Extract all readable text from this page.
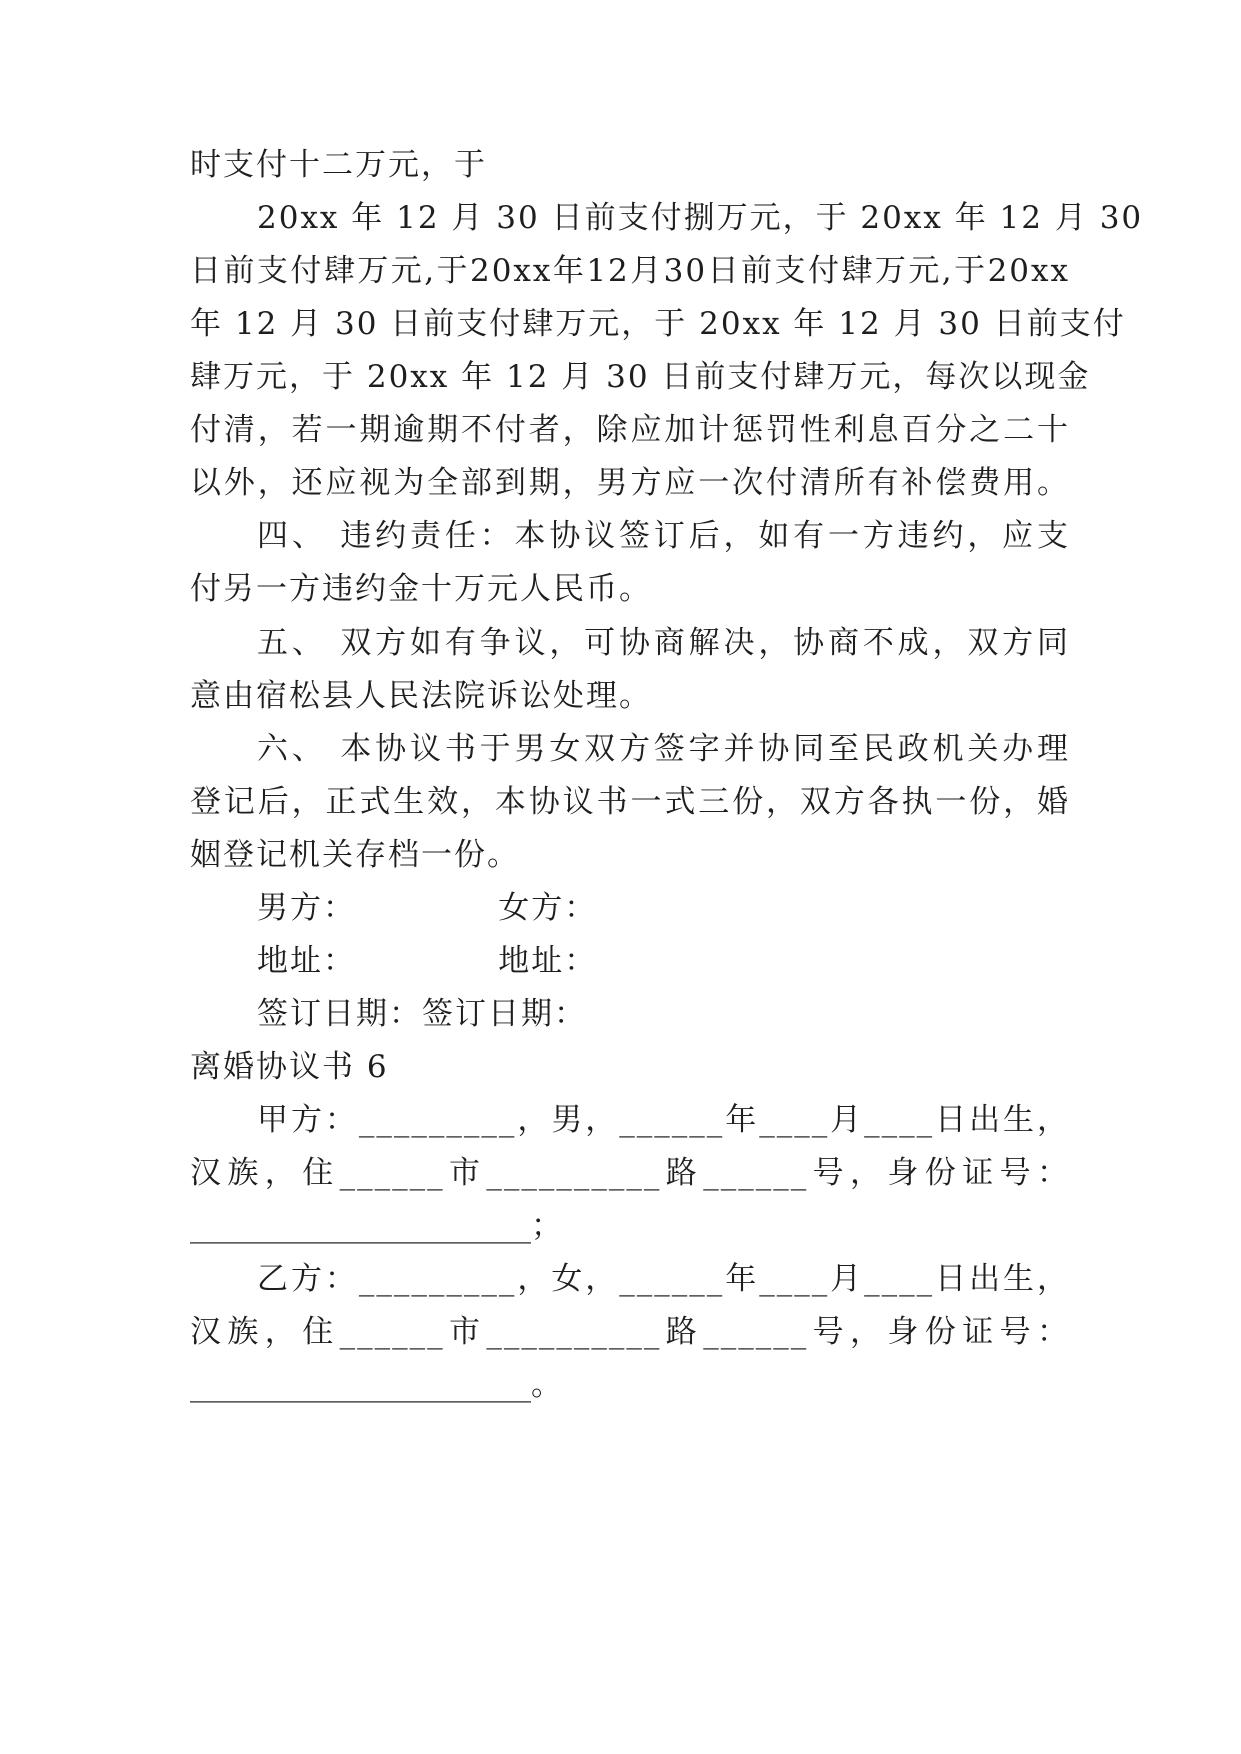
时支付十二万元，于
20xx 年 12 月 30 日前支付捌万元，于 20xx 年 12 月 30
日前支付肆万元,于20xx年12月30日前支付肆万元,于20xx
年 12 月 30 日前支付肆万元，于 20xx 年 12 月 30 日前支付
肆万元，于 20xx 年 12 月 30 日前支付肆万元，每次以现金
付清，若一期逾期不付者，除应加计惩罚性利息百分之二十
以外，还应视为全部到期，男方应一次付清所有补偿费用。
四、 违约责任：本协议签订后，如有一方违约，应支
付另一方违约金十万元人民币。
五、 双方如有争议，可协商解决，协商不成，双方同
意由宿松县人民法院诉讼处理。
六、 本协议书于男女双方签字并协同至民政机关办理
登记后，正式生效，本协议书一式三份，双方各执一份，婚
姻登记机关存档一份。
男方：            女方：
地址：            地址：
签订日期：签订日期：
离婚协议书 6
甲方：_________，男，______年____月____日出生，
汉族，住______市__________路______号，身份证号：
______________________；
乙方：_________，女，______年____月____日出生，
汉族，住______市__________路______号，身份证号：
______________________。
